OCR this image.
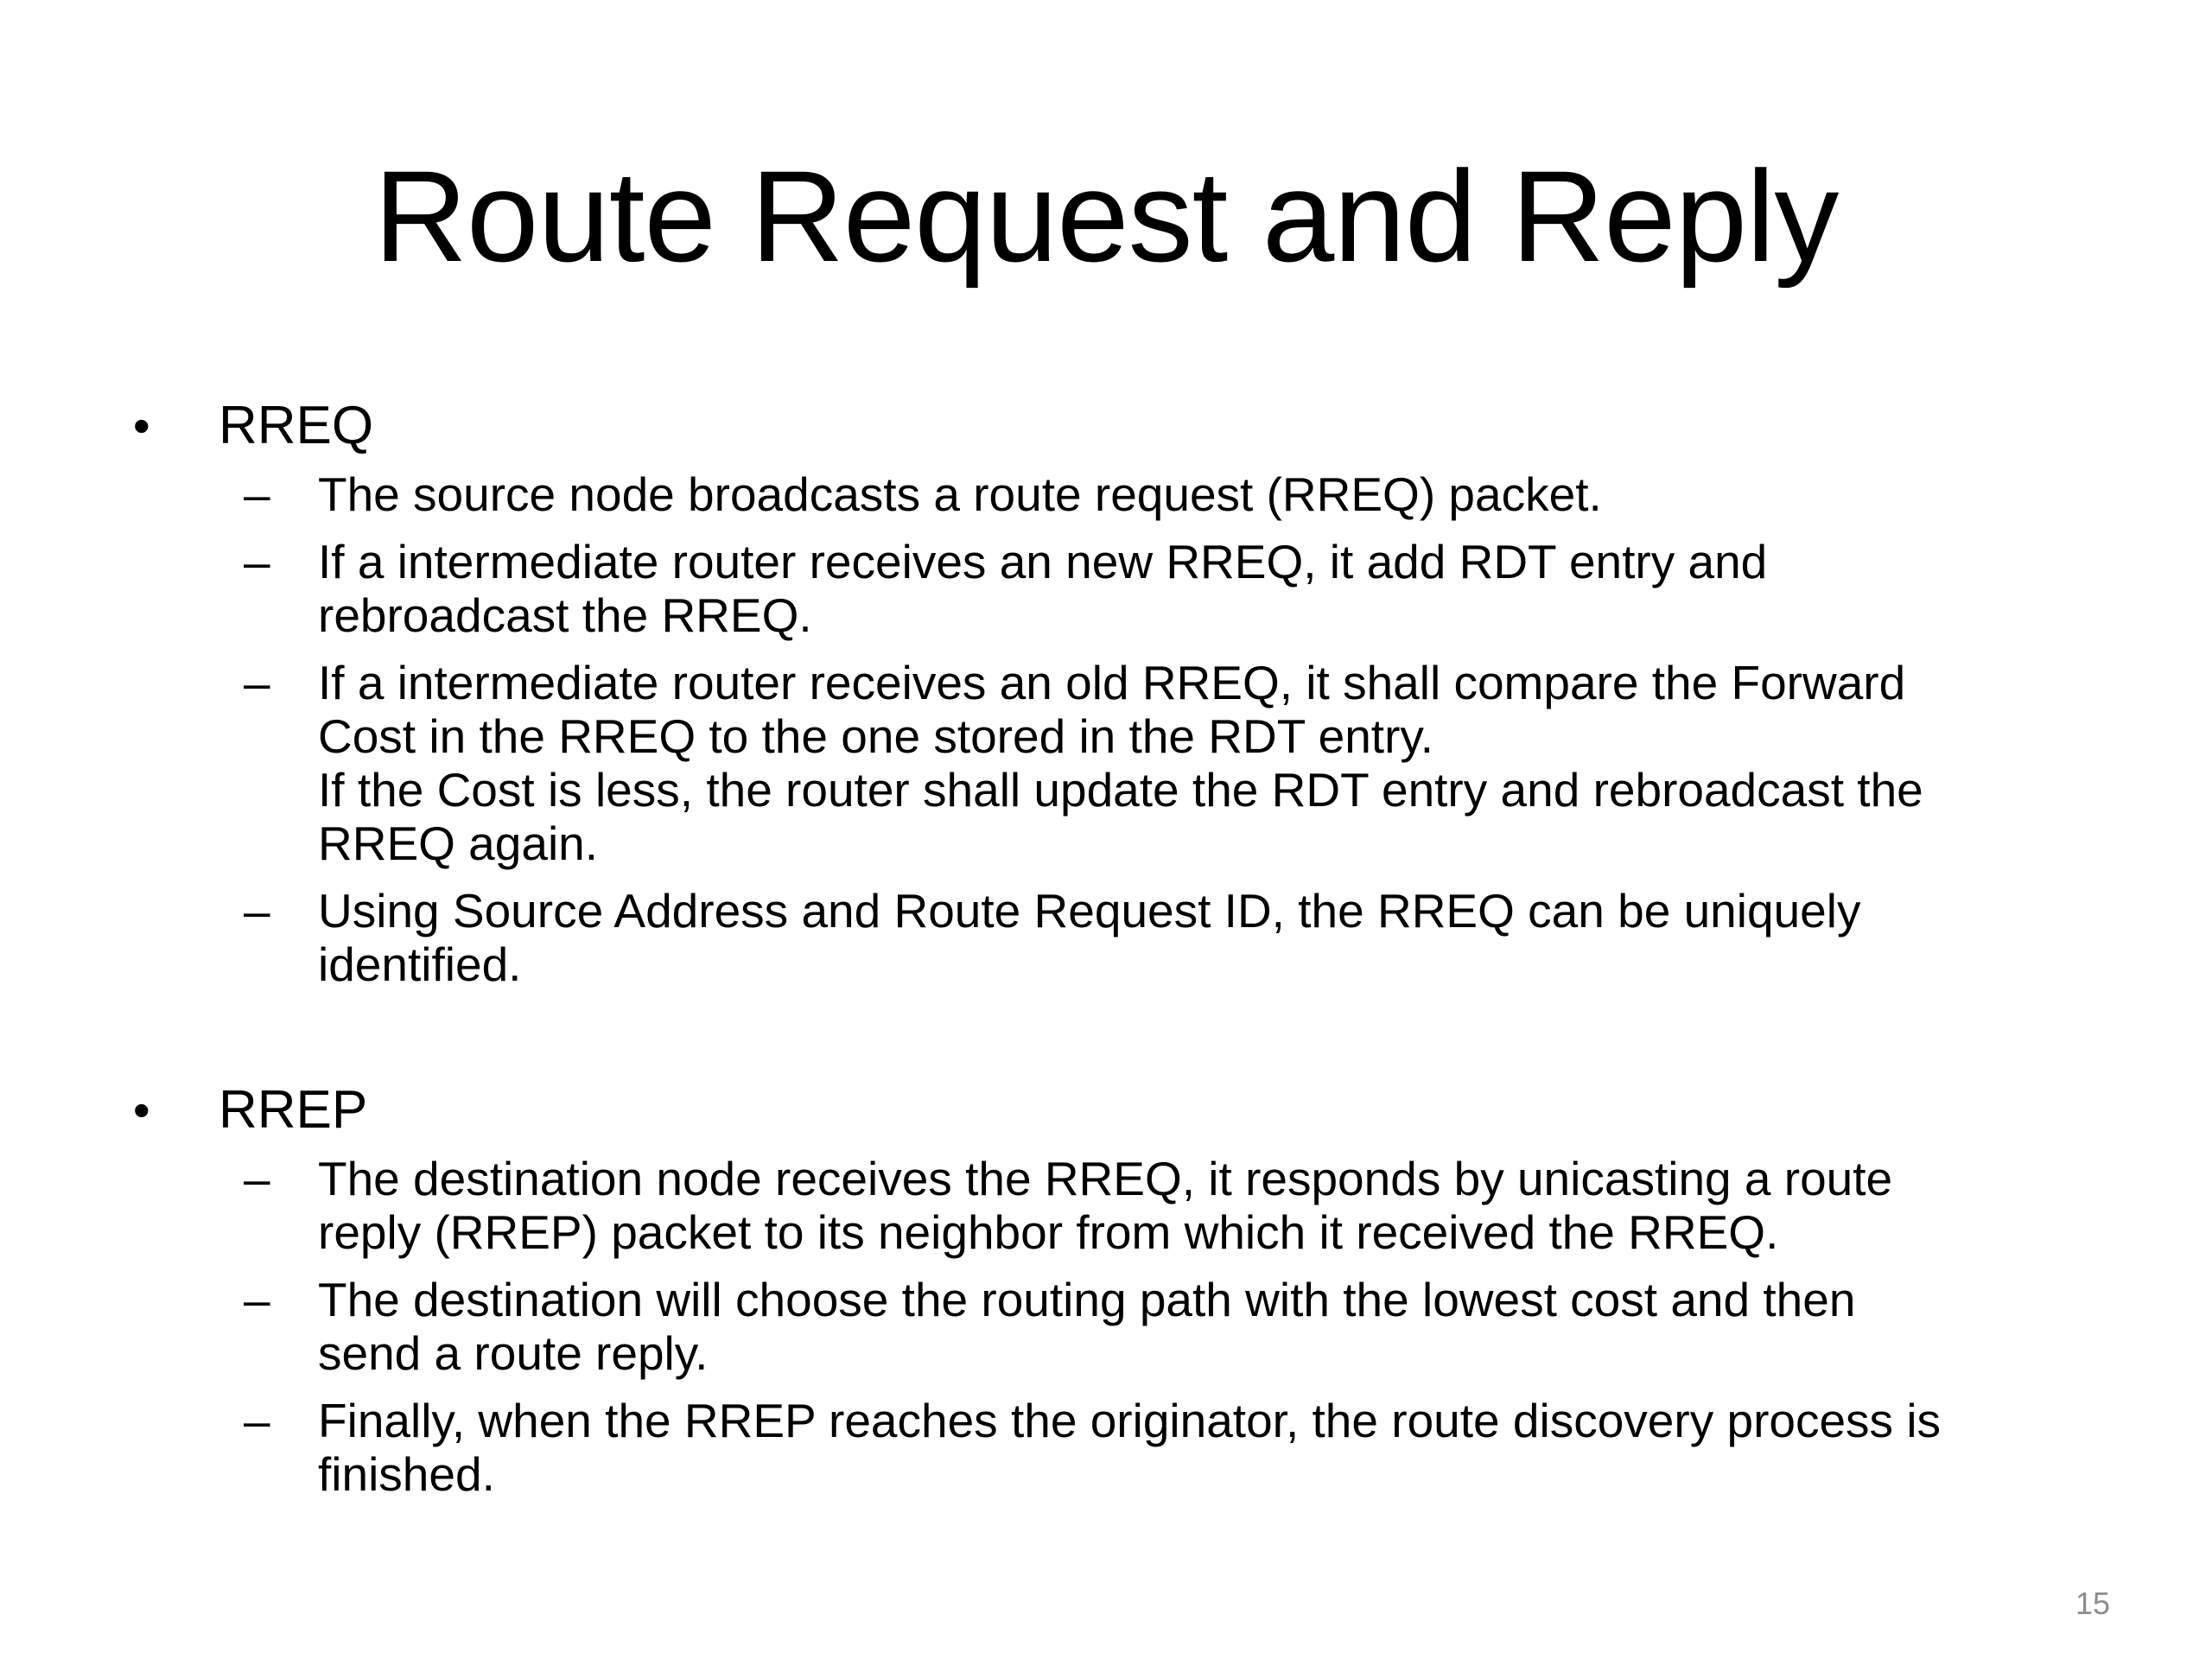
Route Request and Reply
• RREQ
– The source node broadcasts a route request (RREQ) packet.
– If a intermediate router receives an new RREQ, it add RDT entry and
rebroadcast the RREQ.
– If a intermediate router receives an old RREQ, it shall compare the Forward
Cost in the RREQ to the one stored in the RDT entry.
If the Cost is less, the router shall update the RDT entry and rebroadcast the
RREQ again.
– Using Source Address and Route Request ID, the RREQ can be uniquely
identified.
• RREP
– The destination node receives the RREQ, it responds by unicasting a route
reply (RREP) packet to its neighbor from which it received the RREQ.
– The destination will choose the routing path with the lowest cost and then
send a route reply.
– Finally, when the RREP reaches the originator, the route discovery process is
finished.
15
